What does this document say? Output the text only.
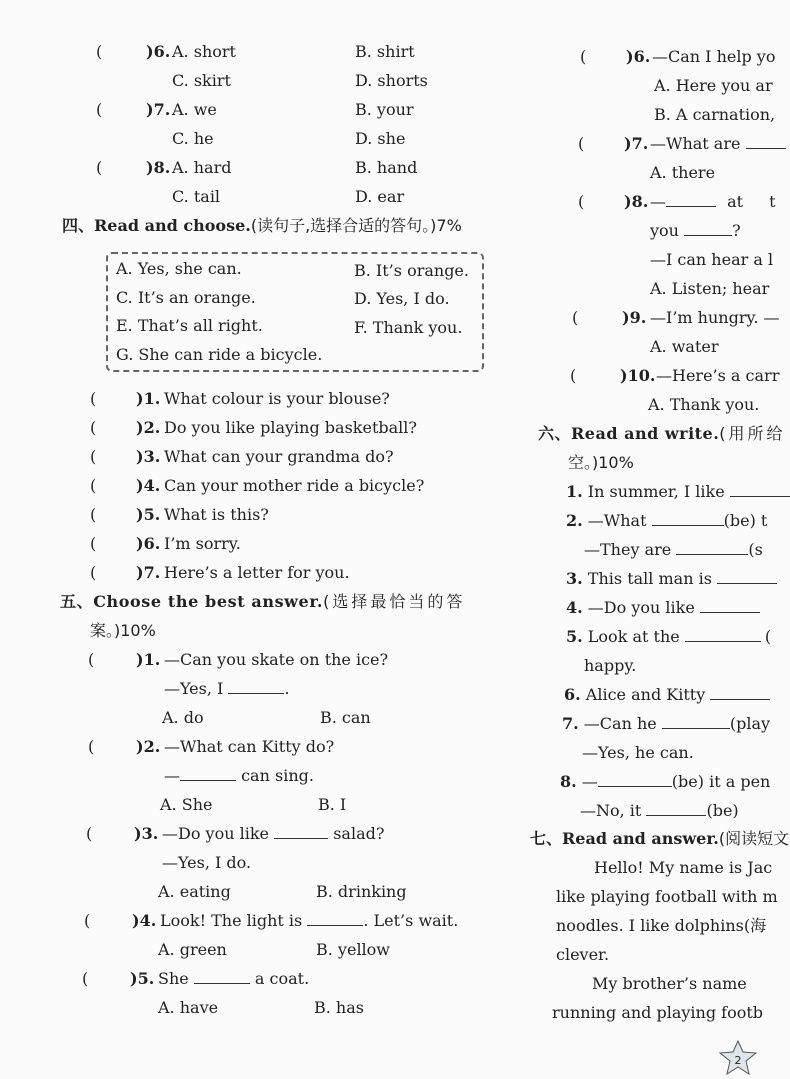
(	)6. A. short	B. shirt
C. skirt	D. shorts
(	)7. A. we	B. your
C. he	D. she
(	)8. A. hard	B. hand
C. tail	D. ear
四、Read and choose.(读句子,选择合适的答句。)7%
A. Yes, she can.	B. It’s orange.
C. It’s an orange.	D. Yes, I do.
E. That’s all right.	F. Thank you.
G. She can ride a bicycle.
( )1. What colour is your blouse?
( )2. Do you like playing basketball?
( )3. What can your grandma do?
( )4. Can your mother ride a bicycle?
( )5. What is this?
( )6. I’m sorry.
( )7. Here’s a letter for you.
五、Choose the best answer.(选择最恰当的答
案。)10%
(	)1. —Can you skate on the ice?
—Yes, I	.
A. do	B. can
(	)2. —What can Kitty do?
—	can sing.
A. She	B. I
(	)3. —Do you like	salad?
—Yes, I do.
A. eating	B. drinking
(	)4. Look! The light is	. Let’s wait.
A. green	B. yellow
(	)5. She	a coat.
A. have	B. has
( )6. —Can I help yo
A. Here you ar
B. A carnation,
( )7. —What are
A. there
( )8. —	at t
you	?
—I can hear a l
A. Listen; hear
(	)9. —I’m hungry. —
A. water
(	)10. —Here’s a carr
A. Thank you.
六、Read and write.(用所给
空。)10%
1. In summer, I like
2. —What	(be) t
—They are	(s
3. This tall man is
4. —Do you like
5. Look at the	(
happy.
6. Alice and Kitty
7. —Can he	(play
—Yes, he can.
8. —	(be) it a pen
—No, it	(be)
七、Read and answer.(阅读短文
Hello! My name is Jac
like playing football with m
noodles. I like dolphins(海
clever.
My brother’s name
running and playing footb
2
